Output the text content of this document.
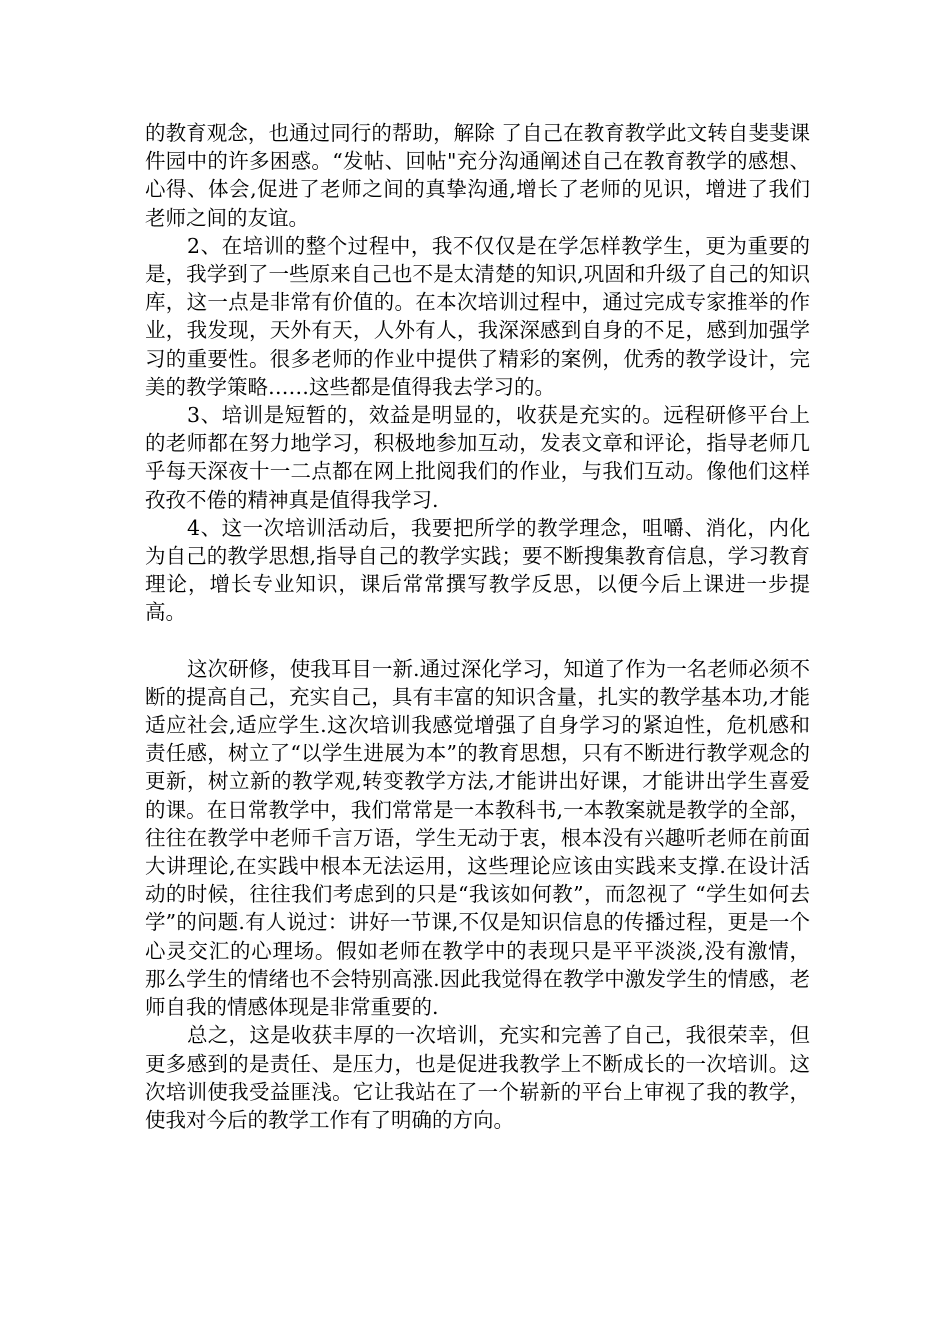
的教育观念，也通过同行的帮助，解除 了自己在教育教学此文转自斐斐课件园中的许多困惑。“发帖、回帖"充分沟通阐述自己在教育教学的感想、心得、体会,促进了老师之间的真挚沟通,增长了老师的见识，增进了我们老师之间的友谊。

2、在培训的整个过程中，我不仅仅是在学怎样教学生，更为重要的是，我学到了一些原来自己也不是太清楚的知识,巩固和升级了自己的知识库，这一点是非常有价值的。在本次培训过程中，通过完成专家推举的作业，我发现，天外有天，人外有人，我深深感到自身的不足，感到加强学习的重要性。很多老师的作业中提供了精彩的案例，优秀的教学设计，完美的教学策略……这些都是值得我去学习的。

3、培训是短暂的，效益是明显的，收获是充实的。远程研修平台上的老师都在努力地学习，积极地参加互动，发表文章和评论，指导老师几乎每天深夜十一二点都在网上批阅我们的作业，与我们互动。像他们这样孜孜不倦的精神真是值得我学习.

4、这一次培训活动后，我要把所学的教学理念，咀嚼、消化，内化为自己的教学思想,指导自己的教学实践；要不断搜集教育信息，学习教育理论，增长专业知识，课后常常撰写教学反思，以便今后上课进一步提高。

这次研修，使我耳目一新.通过深化学习，知道了作为一名老师必须不断的提高自己，充实自己，具有丰富的知识含量，扎实的教学基本功,才能适应社会,适应学生.这次培训我感觉增强了自身学习的紧迫性，危机感和责任感，树立了“以学生进展为本”的教育思想，只有不断进行教学观念的更新，树立新的教学观,转变教学方法,才能讲出好课，才能讲出学生喜爱的课。在日常教学中，我们常常是一本教科书,一本教案就是教学的全部，往往在教学中老师千言万语，学生无动于衷，根本没有兴趣听老师在前面大讲理论,在实践中根本无法运用，这些理论应该由实践来支撑.在设计活动的时候，往往我们考虑到的只是“我该如何教”，而忽视了 “学生如何去学”的问题.有人说过：讲好一节课,不仅是知识信息的传播过程，更是一个心灵交汇的心理场。假如老师在教学中的表现只是平平淡淡,没有激情， 那么学生的情绪也不会特别高涨.因此我觉得在教学中激发学生的情感，老师自我的情感体现是非常重要的.

总之，这是收获丰厚的一次培训，充实和完善了自己，我很荣幸，但更多感到的是责任、是压力，也是促进我教学上不断成长的一次培训。这次培训使我受益匪浅。它让我站在了一个崭新的平台上审视了我的教学，使我对今后的教学工作有了明确的方向。
